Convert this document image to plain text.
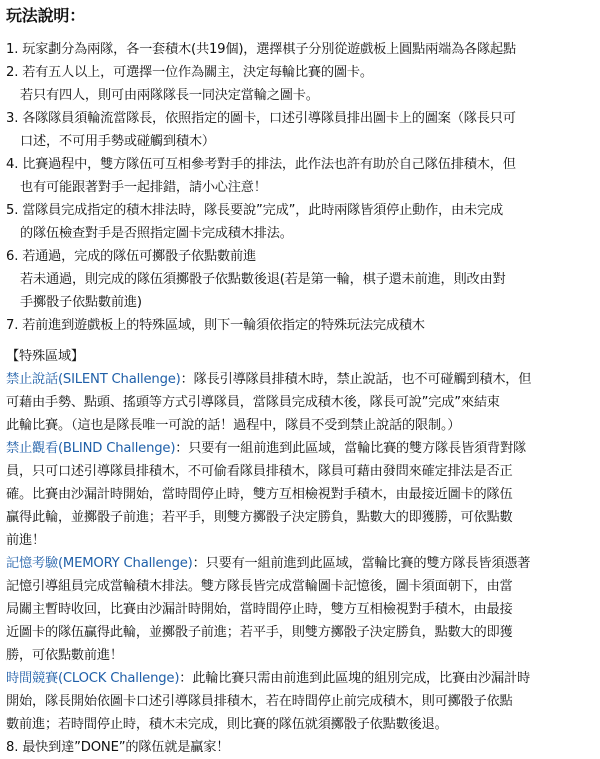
玩法說明：
1. 玩家劃分為兩隊，各一套積木(共19個)，選擇棋子分別從遊戲板上圓點兩端為各隊起點
2. 若有五人以上，可選擇一位作為關主，決定每輪比賽的圖卡。
若只有四人，則可由兩隊隊長一同決定當輪之圖卡。
3. 各隊隊員須輪流當隊長，依照指定的圖卡，口述引導隊員排出圖卡上的圖案（隊長只可
口述，不可用手勢或碰觸到積木）
4. 比賽過程中，雙方隊伍可互相參考對手的排法，此作法也許有助於自己隊伍排積木，但
也有可能跟著對手一起排錯，請小心注意！
5. 當隊員完成指定的積木排法時，隊長要說”完成”，此時兩隊皆須停止動作，由未完成
的隊伍檢查對手是否照指定圖卡完成積木排法。
6. 若通過，完成的隊伍可擲骰子依點數前進
若未通過，則完成的隊伍須擲骰子依點數後退(若是第一輪，棋子還未前進，則改由對
手擲骰子依點數前進)
7. 若前進到遊戲板上的特殊區域，則下一輪須依指定的特殊玩法完成積木
【特殊區域】
禁止說話(SILENT Challenge)：隊長引導隊員排積木時，禁止說話，也不可碰觸到積木，但
可藉由手勢、點頭、搖頭等方式引導隊員，當隊員完成積木後，隊長可說”完成”來結束
此輪比賽。（這也是隊長唯一可說的話！過程中，隊員不受到禁止說話的限制。）
禁止觀看(BLIND Challenge)：只要有一組前進到此區域，當輪比賽的雙方隊長皆須背對隊
員，只可口述引導隊員排積木，不可偷看隊員排積木，隊員可藉由發問來確定排法是否正
確。比賽由沙漏計時開始，當時間停止時，雙方互相檢視對手積木，由最接近圖卡的隊伍
贏得此輪，並擲骰子前進；若平手，則雙方擲骰子決定勝負，點數大的即獲勝，可依點數
前進！
記憶考驗(MEMORY Challenge)：只要有一組前進到此區域，當輪比賽的雙方隊長皆須憑著
記憶引導組員完成當輪積木排法。雙方隊長皆完成當輪圖卡記憶後，圖卡須面朝下，由當
局關主暫時收回，比賽由沙漏計時開始，當時間停止時，雙方互相檢視對手積木，由最接
近圖卡的隊伍贏得此輪，並擲骰子前進；若平手，則雙方擲骰子決定勝負，點數大的即獲
勝，可依點數前進！
時間競賽(CLOCK Challenge)：此輪比賽只需由前進到此區塊的組別完成，比賽由沙漏計時
開始，隊長開始依圖卡口述引導隊員排積木，若在時間停止前完成積木，則可擲骰子依點
數前進；若時間停止時，積木未完成，則比賽的隊伍就須擲骰子依點數後退。
8. 最快到達”DONE”的隊伍就是贏家！
